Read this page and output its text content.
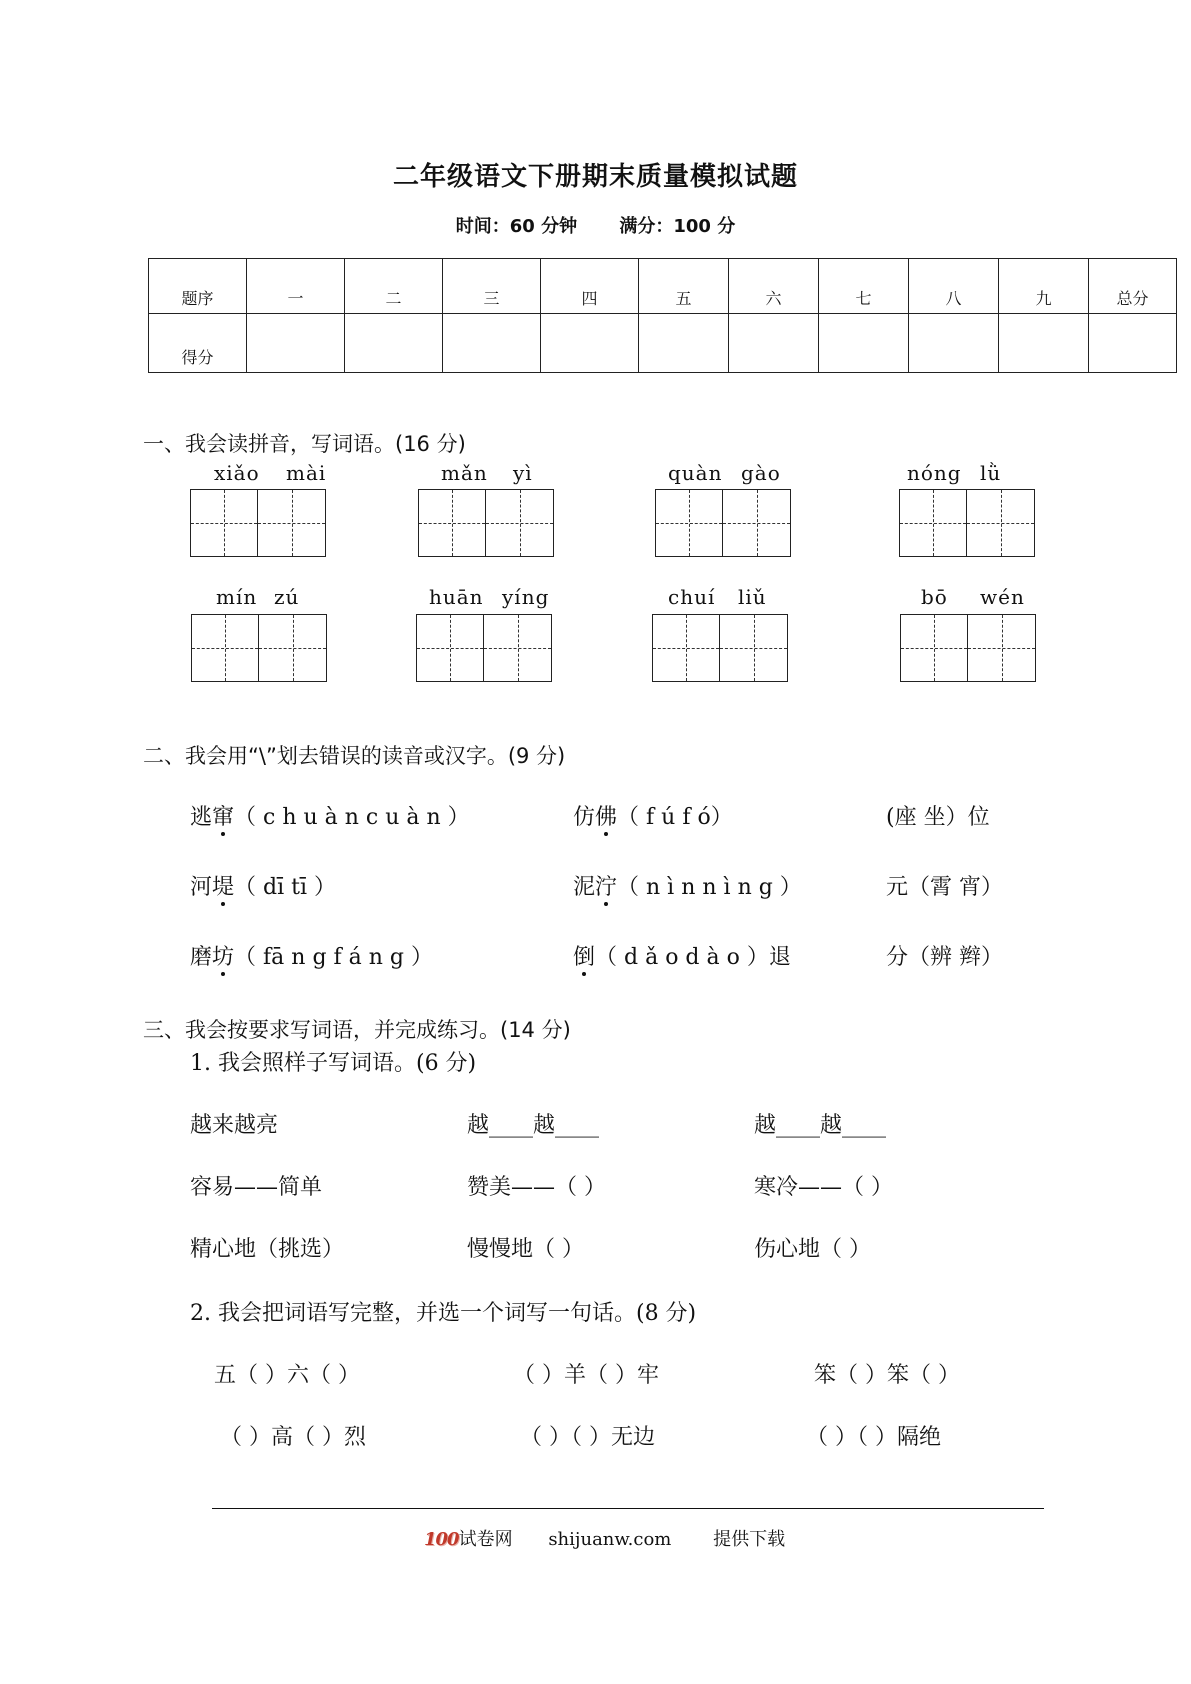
二年级语文下册期末质量模拟试题
时间：60 分钟 满分：100 分
题序	一	二	三	四	五	六	七	八	九	总分
得分										
一、我会读拼音，写词语。(16 分)
xiǎo mài	mǎn yì	quàn gào	nóng lǜ
mín zú	huān yíng	chuí liǔ	bō wén
二、我会用“\”划去错误的读音或汉字。(9 分)
逃窜（ c h u à n c u à n ）	仿佛（ f ú f ó）	(座 坐）位
河堤（ dī tī ）	泥泞（ n ì n n ì n g ）	元（霄 宵）
磨坊（ fā n g f á n g ）	倒（ d ǎ o d à o ）退	分（辨 辫）
三、我会按要求写词语，并完成练习。(14 分)
1. 我会照样子写词语。(6 分)
越来越亮	越____越____	越____越____
容易——简单	赞美——（ ）	寒冷——（ ）
精心地（挑选）	慢慢地（ ）	伤心地（ ）
2. 我会把词语写完整，并选一个词写一句话。(8 分)
五（ ）六（ ）	（ ）羊（ ）牢	笨（ ）笨（ ）
（ ）高（ ）烈	（ ）（ ）无边	（ ）（ ）隔绝
100试卷网 shijuanw.com 提供下载
